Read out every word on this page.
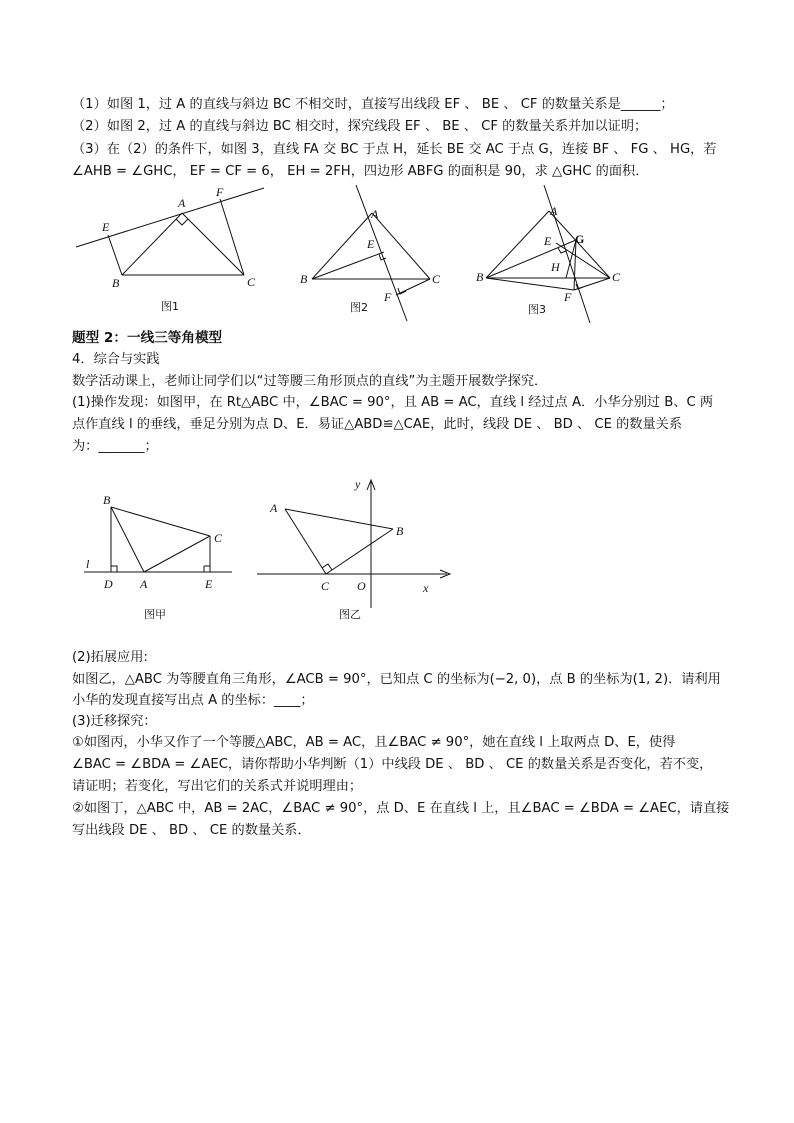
（1）如图 1，过 A 的直线与斜边 BC 不相交时，直接写出线段 EF 、 BE 、 CF 的数量关系是______；
（2）如图 2，过 A 的直线与斜边 BC 相交时，探究线段 EF 、 BE 、 CF 的数量关系并加以证明；
（3）在（2）的条件下，如图 3，直线 FA 交 BC 于点 H，延长 BE 交 AC 于点 G，连接 BF 、 FG 、 HG，若
∠AHB = ∠GHC， EF = CF = 6， EH = 2FH，四边形 ABFG 的面积是 90，求 △GHC 的面积．
A
B	C
E
F
图1
A
B	C
E
F
图2
A
B	C
E
F
G
H
图3
题型 2：一线三等角模型
4．综合与实践
数学活动课上，老师让同学们以“过等腰三角形顶点的直线”为主题开展数学探究．
(1)操作发现：如图甲，在 Rt△ABC 中，∠BAC = 90°，且 AB = AC，直线 l 经过点 A．小华分别过 B、C 两
点作直线 l 的垂线，垂足分别为点 D、E．易证△ABD≌△CAE，此时，线段 DE 、 BD 、 CE 的数量关系
为：_______；
B
C
l
D A	E
图甲
y
A
B
C O	x
图乙
(2)拓展应用:
如图乙，△ABC 为等腰直角三角形，∠ACB = 90°，已知点 C 的坐标为(−2, 0)，点 B 的坐标为(1, 2)．请利用
小华的发现直接写出点 A 的坐标：____；
(3)迁移探究：
①如图丙，小华又作了一个等腰△ABC，AB = AC，且∠BAC ≠ 90°，她在直线 l 上取两点 D、E，使得
∠BAC = ∠BDA = ∠AEC，请你帮助小华判断（1）中线段 DE 、 BD 、 CE 的数量关系是否变化，若不变，
请证明；若变化，写出它们的关系式并说明理由；
②如图丁，△ABC 中，AB = 2AC，∠BAC ≠ 90°，点 D、E 在直线 l 上，且∠BAC = ∠BDA = ∠AEC，请直接
写出线段 DE 、 BD 、 CE 的数量关系．
